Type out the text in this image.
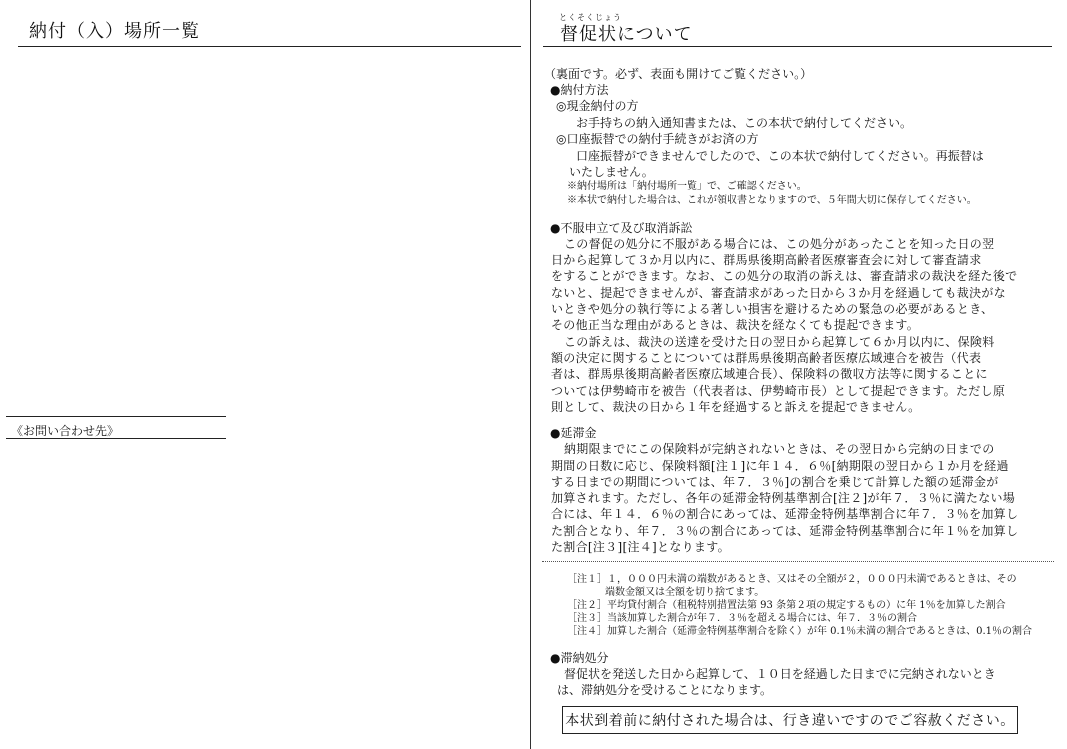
納付（入）場所一覧
《お問い合わせ先》
とくそくじょう
督促状について
（裏面です。必ず、表面も開けてご覧ください。）
●納付方法
◎現金納付の方
お手持ちの納入通知書または、この本状で納付してください。
◎口座振替での納付手続きがお済の方
口座振替ができませんでしたので、この本状で納付してください。再振替は
いたしません。
※納付場所は「納付場所一覧」で、ご確認ください。
※本状で納付した場合は、これが領収書となりますので、５年間大切に保存してください。
●不服申立て及び取消訴訟
この督促の処分に不服がある場合には、この処分があったことを知った日の翌
日から起算して３か月以内に、群馬県後期高齢者医療審査会に対して審査請求
をすることができます。なお、この処分の取消の訴えは、審査請求の裁決を経た後で
ないと、提起できませんが、審査請求があった日から３か月を経過しても裁決がな
いときや処分の執行等による著しい損害を避けるための緊急の必要があるとき、
その他正当な理由があるときは、裁決を経なくても提起できます。
この訴えは、裁決の送達を受けた日の翌日から起算して６か月以内に、保険料
額の決定に関することについては群馬県後期高齢者医療広域連合を被告（代表
者は、群馬県後期高齢者医療広域連合長）、保険料の徴収方法等に関することに
ついては伊勢崎市を被告（代表者は、伊勢崎市長）として提起できます。ただし原
則として、裁決の日から１年を経過すると訴えを提起できません。
●延滞金
納期限までにこの保険料が完納されないときは、その翌日から完納の日までの
期間の日数に応じ、保険料額[注１]に年１４．６％[納期限の翌日から１か月を経過
する日までの期間については、年７．３％]の割合を乗じて計算した額の延滞金が
加算されます。ただし、各年の延滞金特例基準割合[注２]が年７．３％に満たない場
合には、年１４．６％の割合にあっては、延滞金特例基準割合に年７．３％を加算し
た割合となり、年７．３％の割合にあっては、延滞金特例基準割合に年１％を加算し
た割合[注３][注４]となります。
［注１］１，０００円未満の端数があるとき、又はその全額が２，０００円未満であるときは、その
端数金額又は全額を切り捨てます。
［注２］平均貸付割合（租税特別措置法第 93 条第２項の規定するもの）に年 1％を加算した割合
［注３］当該加算した割合が年７．３％を超える場合には、年７．３％の割合
［注４］加算した割合（延滞金特例基準割合を除く）が年 0.1％未満の割合であるときは、0.1％の割合
●滞納処分
督促状を発送した日から起算して、１０日を経過した日までに完納されないとき
は、滞納処分を受けることになります。
本状到着前に納付された場合は、行き違いですのでご容赦ください。
